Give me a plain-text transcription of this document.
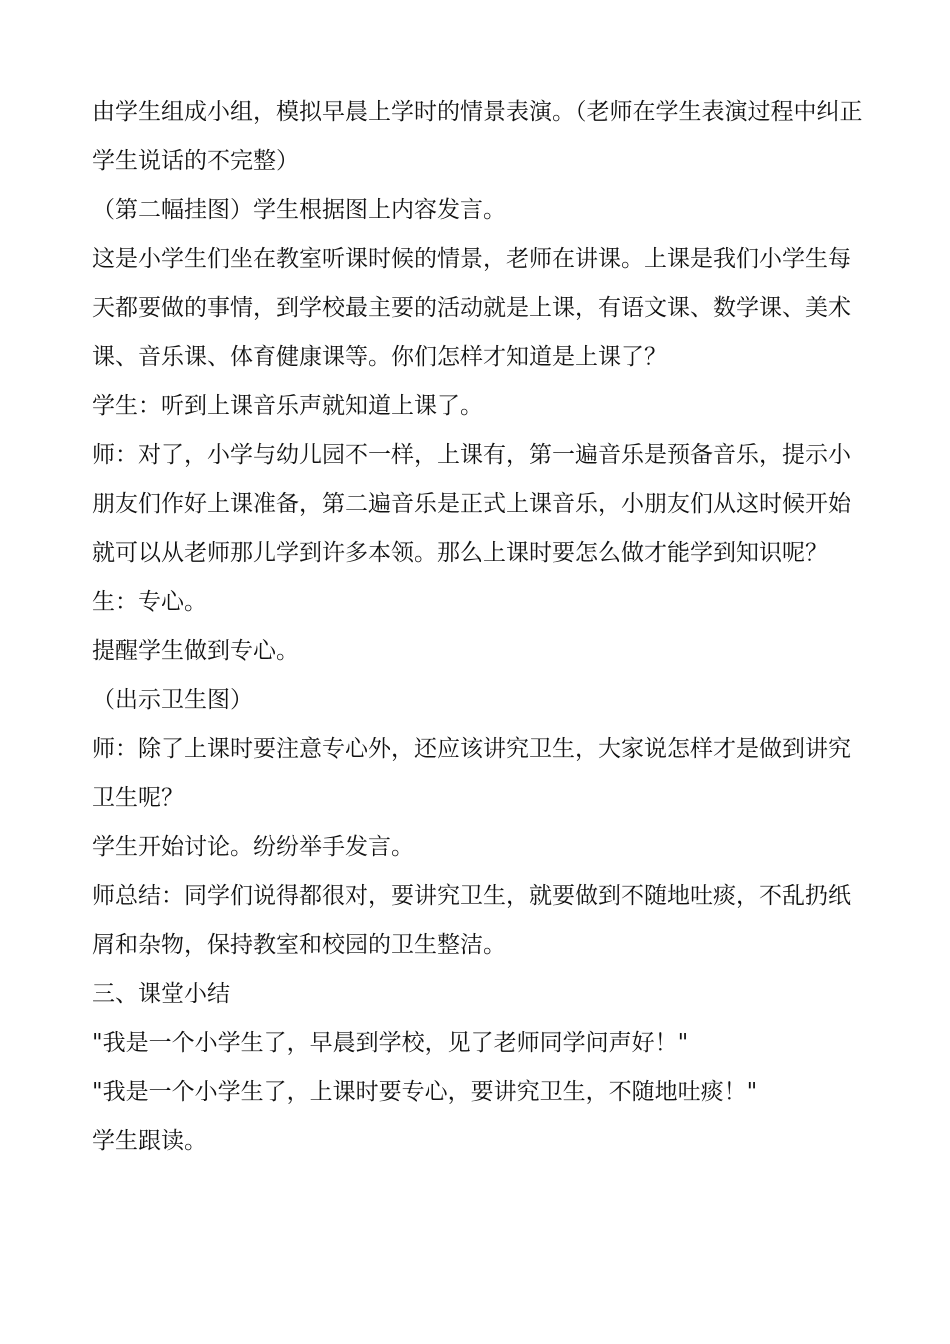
由学生组成小组，模拟早晨上学时的情景表演。（老师在学生表演过程中纠正学生说话的不完整）

（第二幅挂图）学生根据图上内容发言。

这是小学生们坐在教室听课时候的情景，老师在讲课。上课是我们小学生每天都要做的事情，到学校最主要的活动就是上课，有语文课、数学课、美术课、音乐课、体育健康课等。你们怎样才知道是上课了？

学生：听到上课音乐声就知道上课了。

师：对了，小学与幼儿园不一样，上课有，第一遍音乐是预备音乐，提示小朋友们作好上课准备，第二遍音乐是正式上课音乐，小朋友们从这时候开始就可以从老师那儿学到许多本领。那么上课时要怎么做才能学到知识呢？

生：专心。

提醒学生做到专心。

（出示卫生图）

师：除了上课时要注意专心外，还应该讲究卫生，大家说怎样才是做到讲究卫生呢？

学生开始讨论。纷纷举手发言。

师总结：同学们说得都很对，要讲究卫生，就要做到不随地吐痰，不乱扔纸屑和杂物，保持教室和校园的卫生整洁。

三、课堂小结

"我是一个小学生了，早晨到学校，见了老师同学问声好！"

"我是一个小学生了，上课时要专心，要讲究卫生，不随地吐痰！"

学生跟读。
